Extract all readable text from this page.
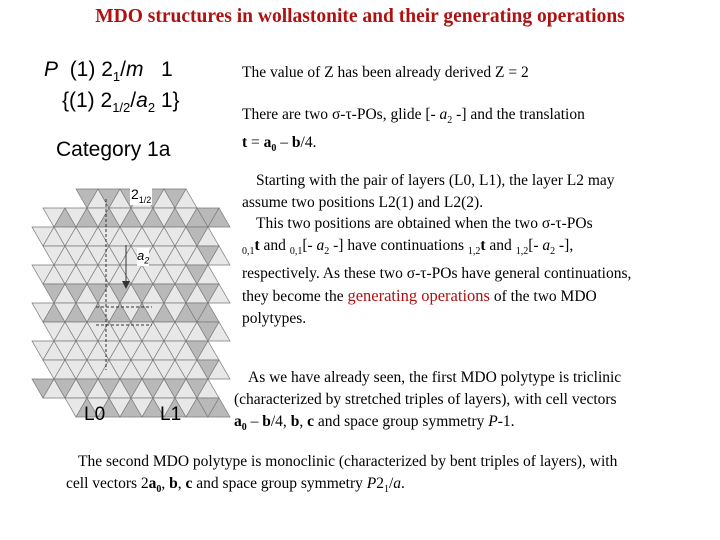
MDO structures in wollastonite and their generating operations
P (1) $2_1/m$ 1
{(1) $2_{1/2}/a_2$ 1}
Category 1a
$2_{1/2}$
$a_2$
L0	L1
The value of Z has been already derived Z = 2
There are two σ-τ-POs, glide [- $a_2$ -] and the translation
$t = a_0 - b/4$.
Starting with the pair of layers (L0, L1), the layer L2 may
assume two positions L2(1) and L2(2).
This two positions are obtained when the two σ-τ-POs
$_{0,1}$t and $_{0,1}$[- $a_2$ -] have continuations $_{1,2}$t and $_{1,2}$[- $a_2$ -],
respectively. As these two σ-τ-POs have general continuations,
they become the generating operations of the two MDO
polytypes.
As we have already seen, the first MDO polytype is triclinic
(characterized by stretched triples of layers), with cell vectors
$a_0 - b/4$, b, c and space group symmetry P-1.
The second MDO polytype is monoclinic (characterized by bent triples of layers), with
cell vectors $2a_0$, b, c and space group symmetry $P2_1/a$.
